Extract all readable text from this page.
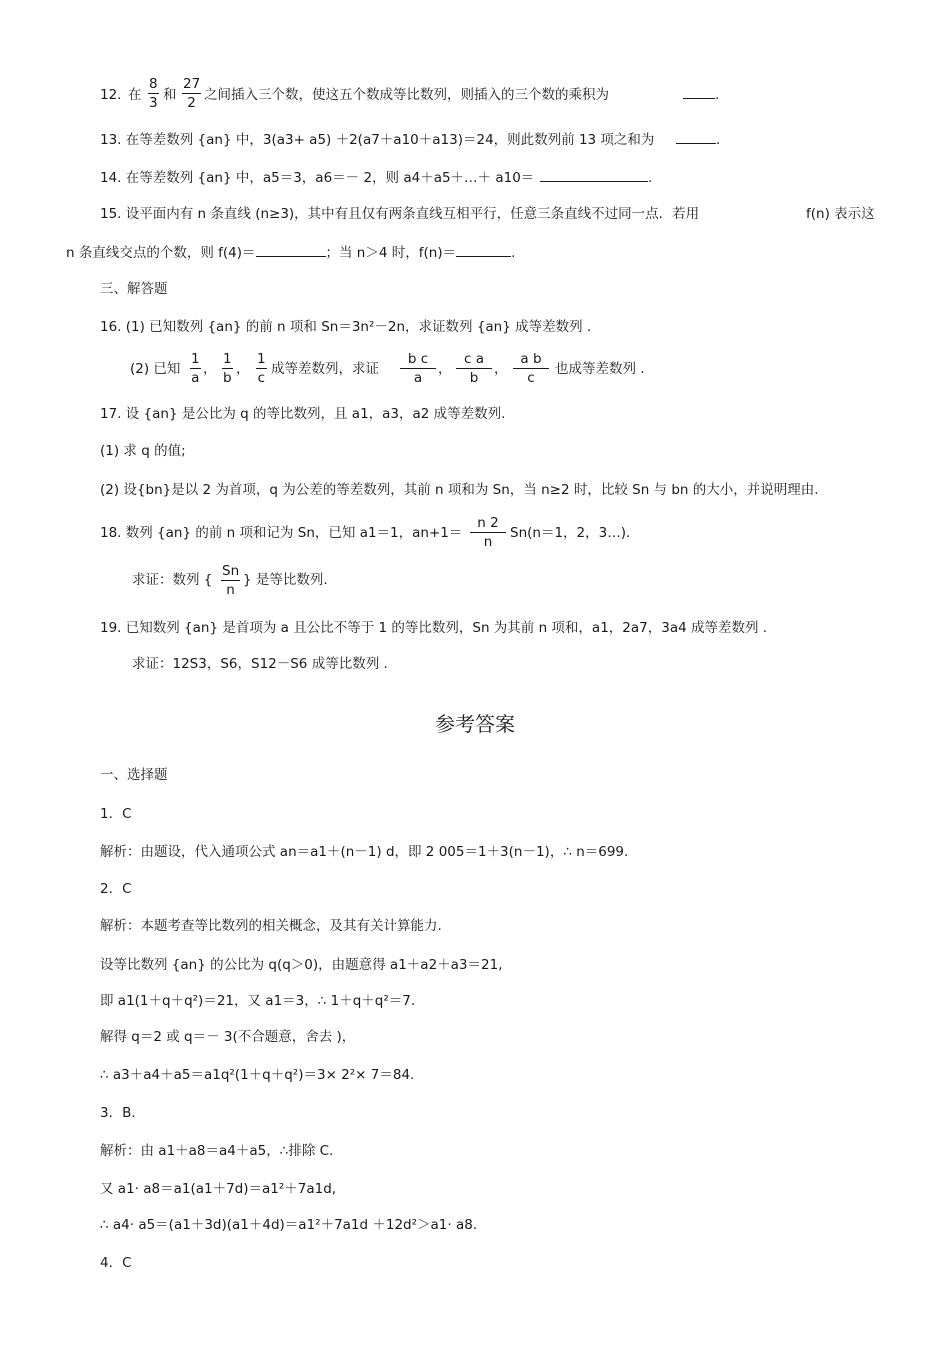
12. 在 $\frac{8}{3}$ 和 $\frac{27}{2}$ 之间插入三个数，使这五个数成等比数列，则插入的三个数的乘积为	.
13. 在等差数列 {an} 中，3(a3+ a5) ＋2(a7＋a10＋a13)＝24，则此数列前 13 项之和为	.
14. 在等差数列 {an} 中，a5＝3，a6＝－ 2，则 a4＋a5＋…＋ a10＝	.
15. 设平面内有 n 条直线 (n≥3)，其中有且仅有两条直线互相平行，任意三条直线不过同一点．若用	f(n) 表示这
n 条直线交点的个数，则 f(4)＝	；当 n＞4 时，f(n)＝	.
三、解答题
16. (1) 已知数列 {an} 的前 n 项和 Sn＝3n²－2n，求证数列 {an} 成等差数列 .
(2) 已知 $\frac{1}{a}$ ， $\frac{1}{b}$ ， $\frac{1}{c}$ 成等差数列，求证 $\frac{\text{b c}}{a}$ ， $\frac{\text{c a}}{b}$ ， $\frac{\text{a b}}{c}$ 也成等差数列 .
17. 设 {an} 是公比为 q 的等比数列，且 a1，a3，a2 成等差数列.
(1) 求 q 的值;
(2) 设{bn}是以 2 为首项，q 为公差的等差数列，其前 n 项和为 Sn，当 n≥2 时，比较 Sn 与 bn 的大小，并说明理由.
18. 数列 {an} 的前 n 项和记为 Sn，已知 a1＝1，$an+1= \frac{n 2}{n} Sn(n=1$，2，3…)．
求证：数列 { $\frac{Sn}{n}$ } 是等比数列.
19. 已知数列 {an} 是首项为 a 且公比不等于 1 的等比数列，Sn 为其前 n 项和，a1，2a7，3a4 成等差数列 .
求证：12S3，S6，S12－S6 成等比数列 .
参考答案
一、选择题
1．C
解析：由题设，代入通项公式 an＝a1＋(n－1) d，即 2 005＝1＋3(n－1)，∴ n＝699.
2．C
解析：本题考查等比数列的相关概念，及其有关计算能力.
设等比数列 {an} 的公比为 q(q＞0)，由题意得 a1＋a2＋a3＝21,
即 a1(1＋q＋q²)＝21，又 a1＝3，∴ 1＋q＋q²＝7.
解得 q＝2 或 q＝－ 3(不合题意，舍去 )，
∴ a3＋a4＋a5＝a1q²(1＋q＋q²)＝3× 2²× 7＝84.
3．B.
解析：由 a1＋a8＝a4＋a5，∴排除 C.
又 a1· a8＝a1(a1＋7d)＝a1²＋7a1d,
∴ a4· a5＝(a1＋3d)(a1＋4d)＝a1²＋7a1d ＋12d²＞a1· a8.
4．C
